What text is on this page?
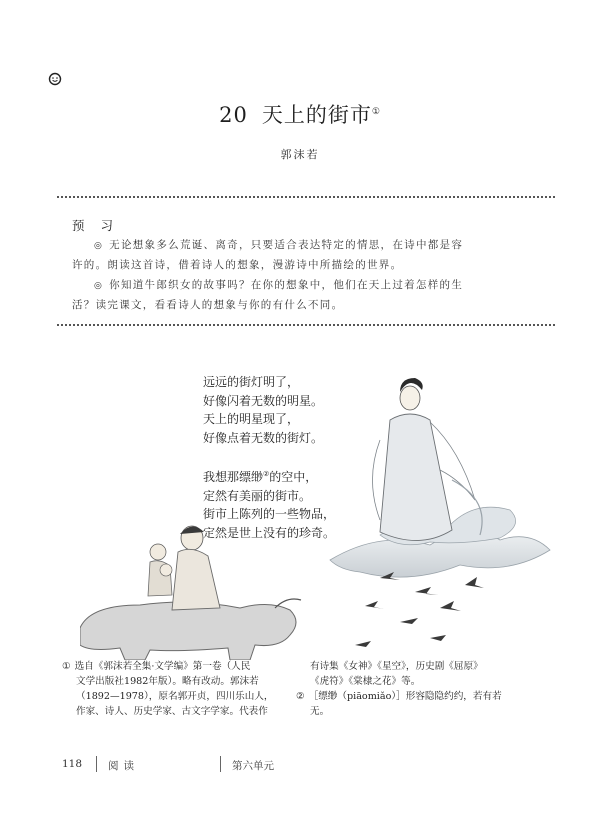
20 天上的街市①
郭沫若
预 习
◎ 无论想象多么荒诞、离奇，只要适合表达特定的情思，在诗中都是容
许的。朗读这首诗，借着诗人的想象，漫游诗中所描绘的世界。
◎ 你知道牛郎织女的故事吗？在你的想象中，他们在天上过着怎样的生
活？读完课文，看看诗人的想象与你的有什么不同。
远远的街灯明了，
好像闪着无数的明星。
天上的明星现了，
好像点着无数的街灯。
我想那缥缈②的空中，
定然有美丽的街市。
街市上陈列的一些物品，
定然是世上没有的珍奇。
① 选自《郭沫若全集·文学编》第一卷（人民
文学出版社1982年版）。略有改动。郭沫若
（1892—1978），原名郭开贞，四川乐山人，
作家、诗人、历史学家、古文字学家。代表作
有诗集《女神》《星空》，历史剧《屈原》
《虎符》《棠棣之花》等。
② ［缥缈（piāomiǎo）］形容隐隐约约，若有若
无。
118 阅读	第六单元
